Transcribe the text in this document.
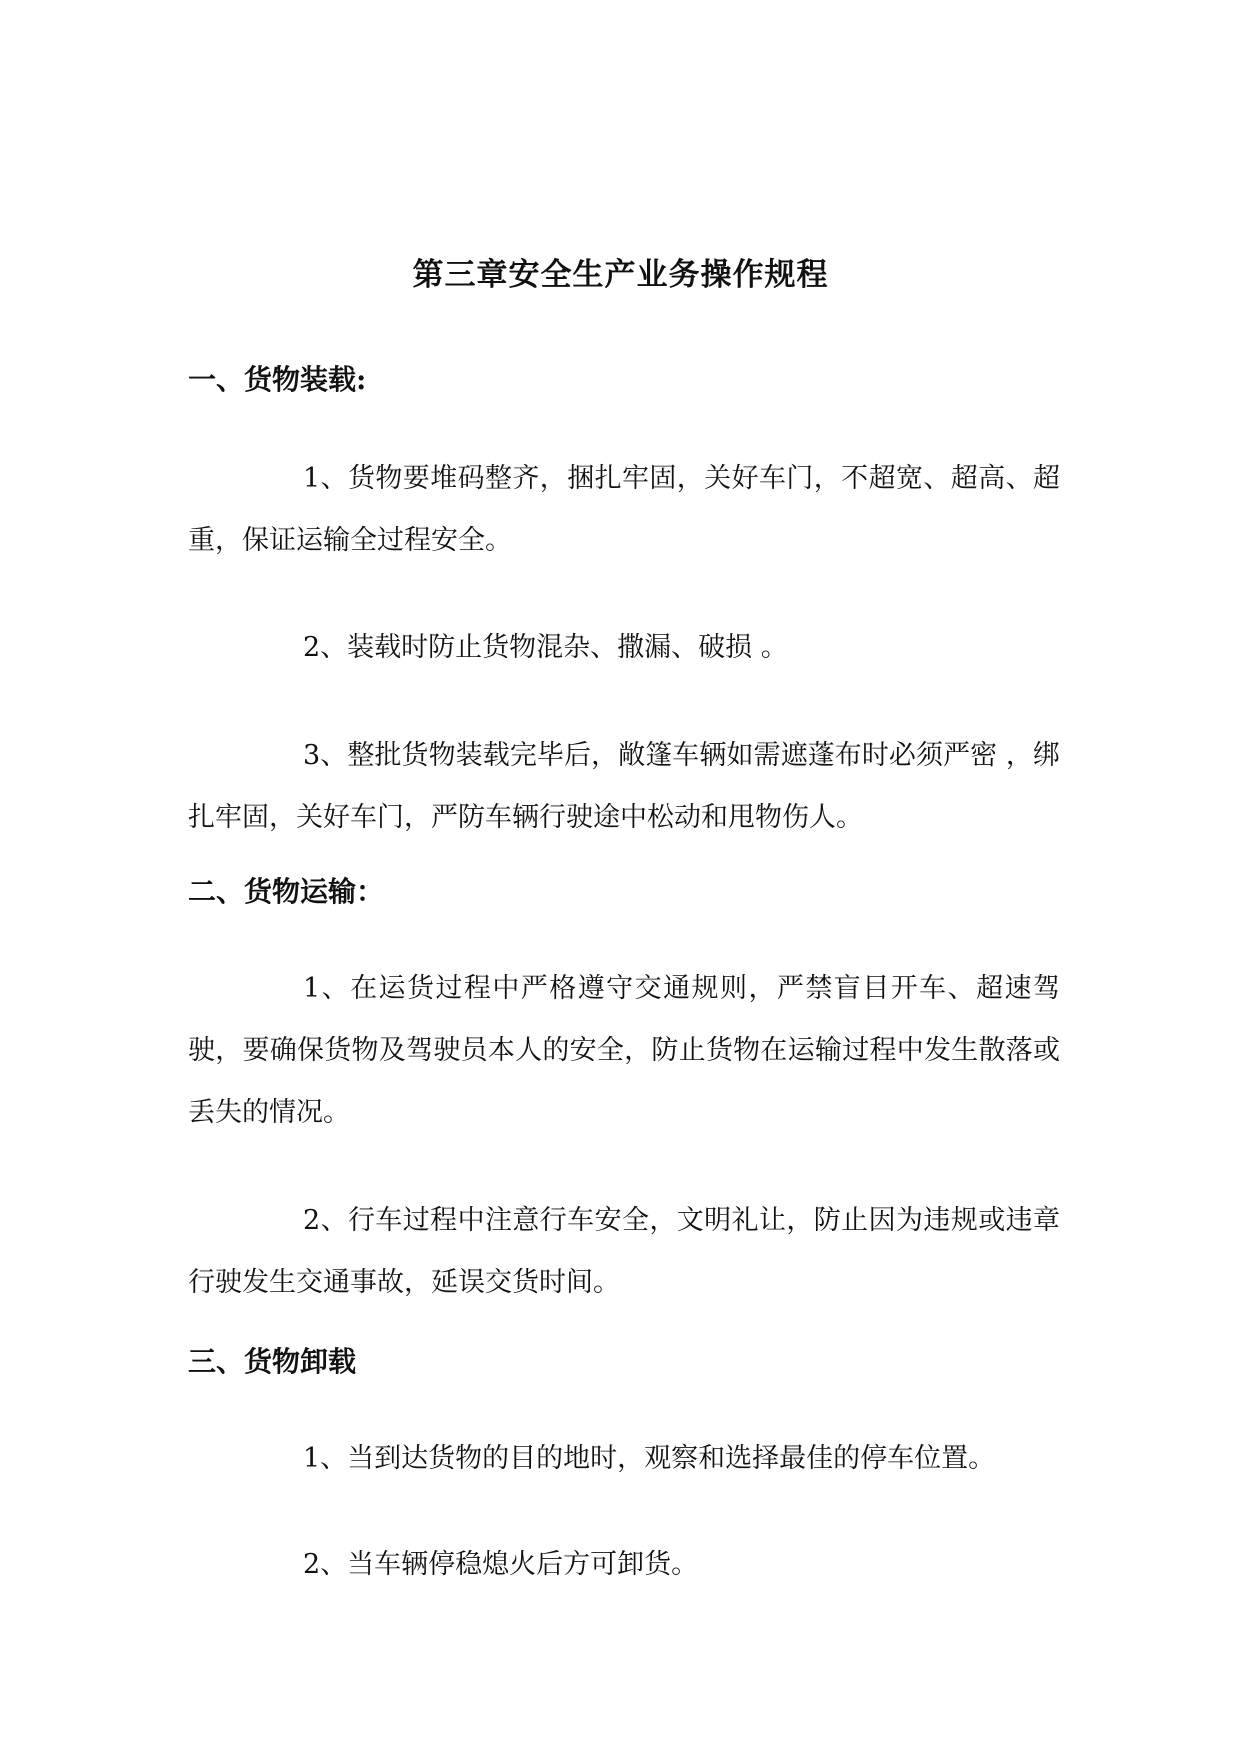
第三章安全生产业务操作规程
一、货物装载:

1、货物要堆码整齐，捆扎牢固，关好车门，不超宽、超高、超重，保证运输全过程安全。

2、装载时防止货物混杂、撒漏、破损 。

3、整批货物装载完毕后，敞篷车辆如需遮蓬布时必须严密 ，绑扎牢固，关好车门，严防车辆行驶途中松动和甩物伤人。

二、货物运输：

1、在运货过程中严格遵守交通规则，严禁盲目开车、超速驾驶，要确保货物及驾驶员本人的安全，防止货物在运输过程中发生散落或丢失的情况。

2、行车过程中注意行车安全，文明礼让，防止因为违规或违章行驶发生交通事故，延误交货时间。

三、货物卸载

1、当到达货物的目的地时，观察和选择最佳的停车位置。

2、当车辆停稳熄火后方可卸货。
